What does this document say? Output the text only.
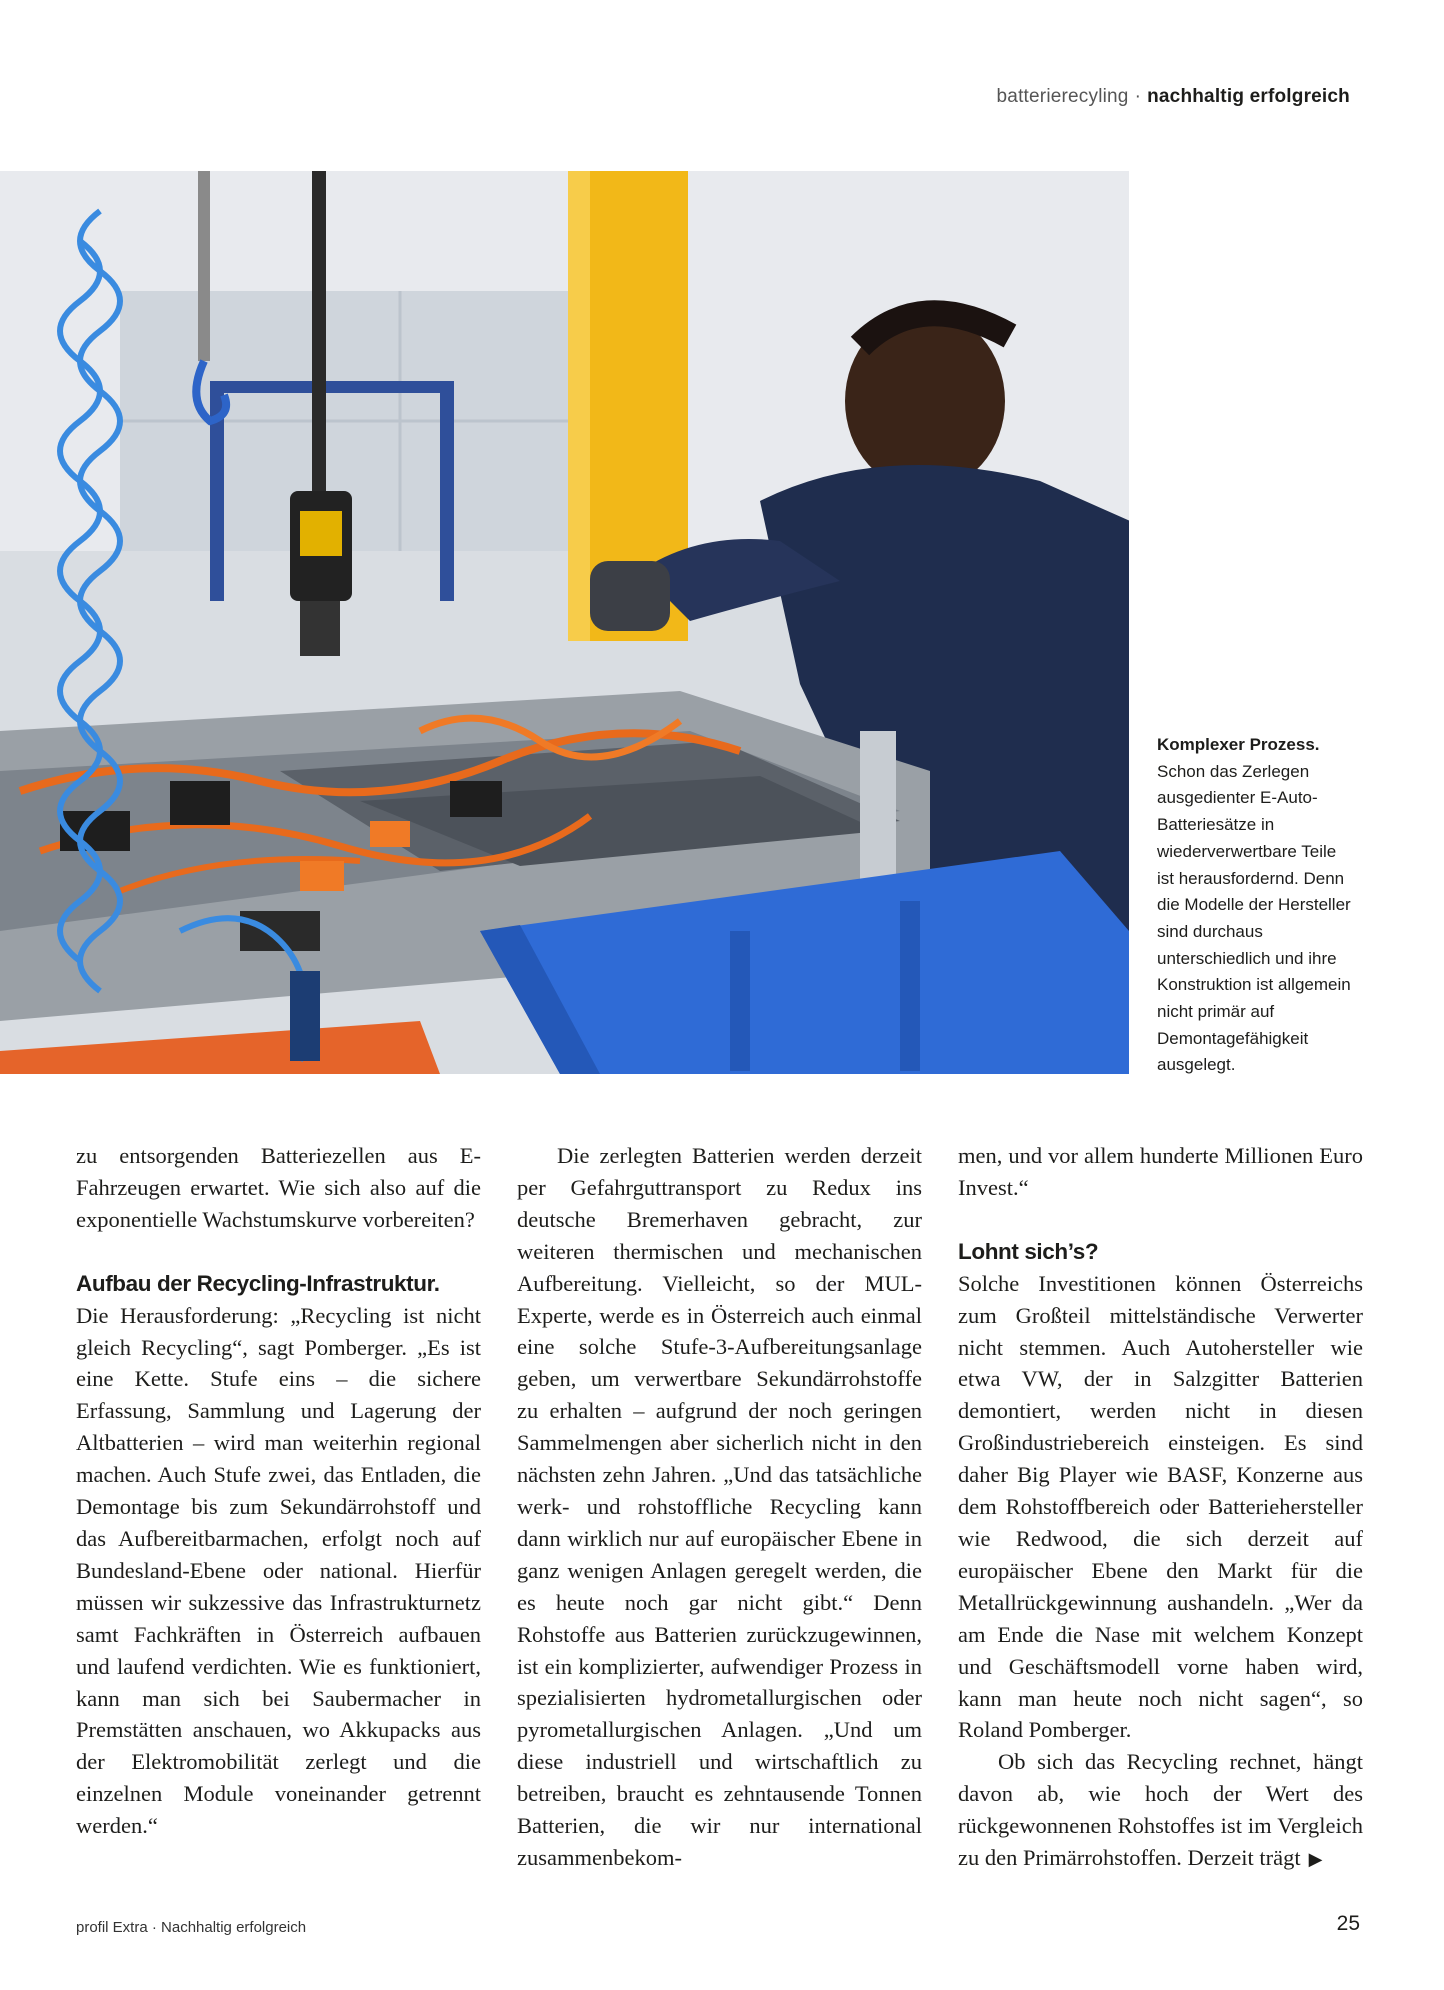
batterierecyling · nachhaltig erfolgreich
Komplexer Prozess.
Schon das Zerlegen ausgedienter E-Auto-Batteriesätze in wiederverwertbare Teile ist herausfordernd. Denn die Modelle der Hersteller sind durchaus unterschiedlich und ihre Konstruktion ist allgemein nicht primär auf Demontagefähigkeit ausgelegt.

zu entsorgenden Batteriezellen aus E-Fahrzeugen erwartet. Wie sich also auf die exponentielle Wachstumskurve vorbereiten?

Aufbau der Recycling-Infrastruktur.

Die Herausforderung: „Recycling ist nicht gleich Recycling“, sagt Pomberger. „Es ist eine Kette. Stufe eins – die sichere Erfassung, Sammlung und Lagerung der Altbatterien – wird man weiterhin regional machen. Auch Stufe zwei, das Entladen, die Demontage bis zum Sekundärrohstoff und das Aufbereitbarmachen, erfolgt noch auf Bundesland-Ebene oder national. Hierfür müssen wir sukzessive das Infrastrukturnetz samt Fachkräften in Österreich aufbauen und laufend verdichten. Wie es funktioniert, kann man sich bei Saubermacher in Premstätten anschauen, wo Akkupacks aus der Elektromobilität zerlegt und die einzelnen Module voneinander getrennt werden.“

Die zerlegten Batterien werden derzeit per Gefahrguttransport zu Redux ins deutsche Bremerhaven gebracht, zur weiteren thermischen und mechanischen Aufbereitung. Vielleicht, so der MUL-Experte, werde es in Österreich auch einmal eine solche Stufe-3-Aufbereitungsanlage geben, um verwertbare Sekundärrohstoffe zu erhalten – aufgrund der noch geringen Sammelmengen aber sicherlich nicht in den nächsten zehn Jahren. „Und das tatsächliche werk- und rohstoffliche Recycling kann dann wirklich nur auf europäischer Ebene in ganz wenigen Anlagen geregelt werden, die es heute noch gar nicht gibt.“ Denn Rohstoffe aus Batterien zurückzugewinnen, ist ein komplizierter, aufwendiger Prozess in spezialisierten hydrometallurgischen oder pyrometallurgischen Anlagen. „Und um diese industriell und wirtschaftlich zu betreiben, braucht es zehntausende Tonnen Batterien, die wir nur international zusammenbekom-

men, und vor allem hunderte Millionen Euro Invest.“

Lohnt sich’s?

Solche Investitionen können Österreichs zum Großteil mittelständische Verwerter nicht stemmen. Auch Autohersteller wie etwa VW, der in Salzgitter Batterien demontiert, werden nicht in diesen Großindustriebereich einsteigen. Es sind daher Big Player wie BASF, Konzerne aus dem Rohstoffbereich oder Batteriehersteller wie Redwood, die sich derzeit auf europäischer Ebene den Markt für die Metallrückgewinnung aushandeln. „Wer da am Ende die Nase mit welchem Konzept und Geschäftsmodell vorne haben wird, kann man heute noch nicht sagen“, so Roland Pomberger.

Ob sich das Recycling rechnet, hängt davon ab, wie hoch der Wert des rückgewonnenen Rohstoffes ist im Vergleich zu den Primärrohstoffen. Derzeit trägt ▶

profil Extra · Nachhaltig erfolgreich	25
